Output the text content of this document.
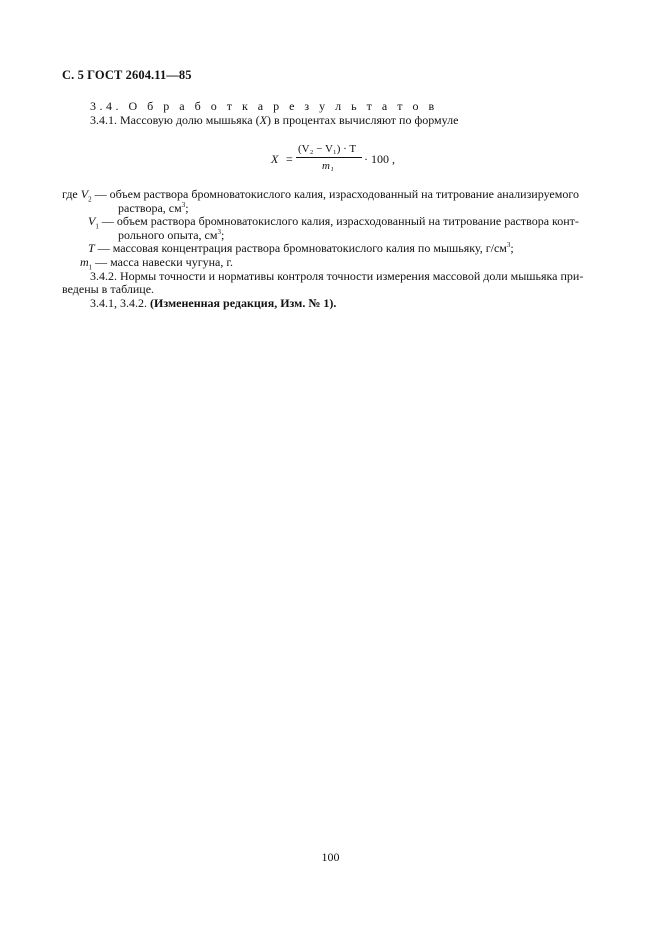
С. 5 ГОСТ 2604.11—85
3.4. О б р а б о т к а р е з у л ь т а т о в
3.4.1. Массовую долю мышьяка (X) в процентах вычисляют по формуле
X =
(V₂ − V₁) · T
m₁	· 100 ,
где $V_2$ — объем раствора бромноватокислого калия, израсходованный на титрование анализируемого
раствора, $см^3$;
$V_1$ — объем раствора бромноватокислого калия, израсходованный на титрование раствора конт-
рольного опыта, $см^3$;
T — массовая концентрация раствора бромноватокислого калия по мышьяку, $г/см^3$;
$m_1$ — масса навески чугуна, г.
3.4.2. Нормы точности и нормативы контроля точности измерения массовой доли мышьяка при-
ведены в таблице.
3.4.1, 3.4.2. (Измененная редакция, Изм. № 1).
100
